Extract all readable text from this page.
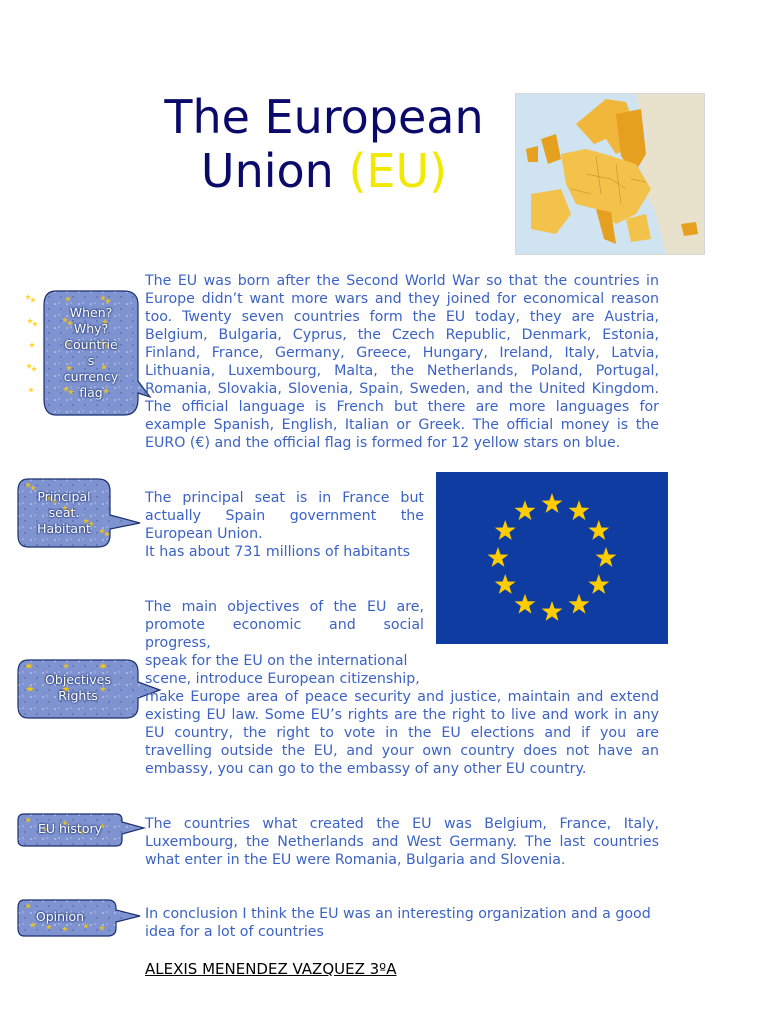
The European
Union (EU)
When?
Why?
Countrie
s
currency
flag
Principal
seat.
Habitant
Objectives
Rights
EU history
Opinion

The EU was born after the Second World War so that the countries in Europe didn’t want more wars and they joined for economical reason too. Twenty seven countries form the EU today, they are Austria, Belgium, Bulgaria, Cyprus, the Czech Republic, Denmark, Estonia, Finland, France, Germany, Greece, Hungary, Ireland, Italy, Latvia, Lithuania, Luxembourg, Malta, the Netherlands, Poland, Portugal, Romania, Slovakia, Slovenia, Spain, Sweden, and the United Kingdom. The official language is French but there are more languages for example Spanish, English, Italian or Greek. The official money is the EURO (€) and the official flag is formed for 12 yellow stars on blue.

The principal seat is in France but actually Spain government the European Union.

It has about 731 millions of habitants

The main objectives of the EU are, promote economic and social progress,

speak for the EU on the international scene, introduce European citizenship,

make Europe area of peace security and justice, maintain and extend existing EU law. Some EU’s rights are the right to live and work in any EU country, the right to vote in the EU elections and if you are travelling outside the EU, and your own country does not have an embassy, you can go to the embassy of any other EU country.

The countries what created the EU was Belgium, France, Italy, Luxembourg, the Netherlands and West Germany. The last countries what enter in the EU were Romania, Bulgaria and Slovenia.

In conclusion I think the EU was an interesting organization and a good idea for a lot of countries

ALEXIS MENENDEZ VAZQUEZ 3ºA
